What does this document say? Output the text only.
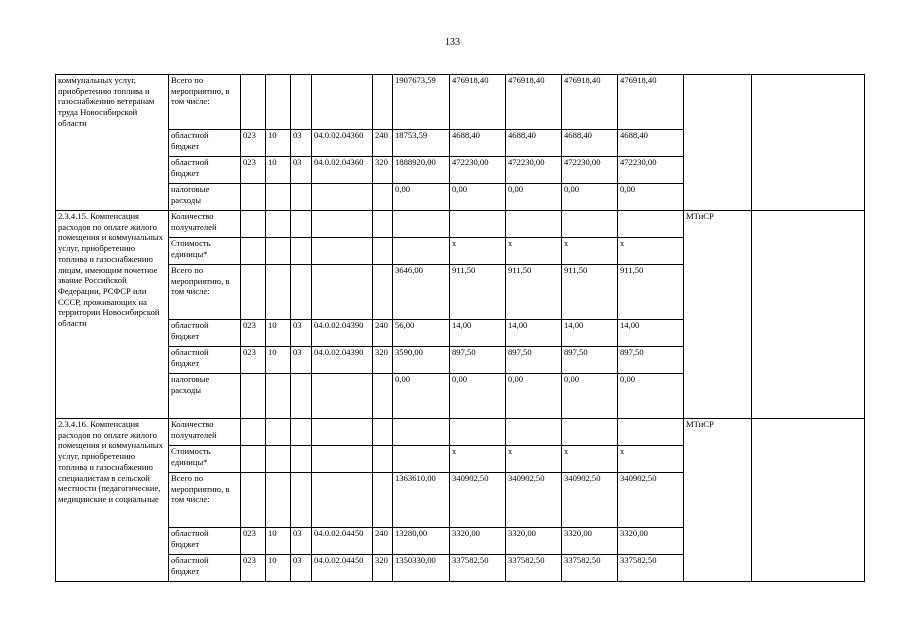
133
коммунальных услуг, приобретению топлива и газоснабжению ветеранам труда Новосибирской области	Всего по мероприятию, в том числе:						1907673,59	476918,40	476918,40	476918,40	476918,40		
	областной бюджет	023	10	03	04.0.02.04360	240	18753,59	4688,40	4688,40	4688,40	4688,40		
	областной бюджет	023	10	03	04.0.02.04360	320	1888920,00	472230,00	472230,00	472230,00	472230,00		
	налоговые расходы						0,00	0,00	0,00	0,00	0,00		
2.3.4.15. Компенсация расходов по оплате жилого помещения и коммунальных услуг, приобретению топлива и газоснабжению лицам, имеющим почетное звание Российской Федерации, РСФСР или СССР, проживающих на территории Новосибирской области	Количество получателей											МТиСР	
	Стоимость единицы*							x	x	x	x		
	Всего по мероприятию, в том числе:						3646,00	911,50	911,50	911,50	911,50		
	областной бюджет	023	10	03	04.0.02.04390	240	56,00	14,00	14,00	14,00	14,00		
	областной бюджет	023	10	03	04.0.02.04390	320	3590,00	897,50	897,50	897,50	897,50		
	налоговые расходы						0,00	0,00	0,00	0,00	0,00		
2.3.4.16. Компенсация расходов по оплате жилого помещения и коммунальных услуг, приобретению топлива и газоснабжению специалистам в сельской местности (педагогические, медицинские и социальные	Количество получателей											МТиСР	
	Стоимость единицы*							x	x	x	x		
	Всего по мероприятию, в том числе:						1363610,00	340902,50	340902,50	340902,50	340902,50		
	областной бюджет	023	10	03	04.0.02.04450	240	13280,00	3320,00	3320,00	3320,00	3320,00		
	областной бюджет	023	10	03	04.0.02.04450	320	1350330,00	337582,50	337582,50	337582,50	337582,50		
